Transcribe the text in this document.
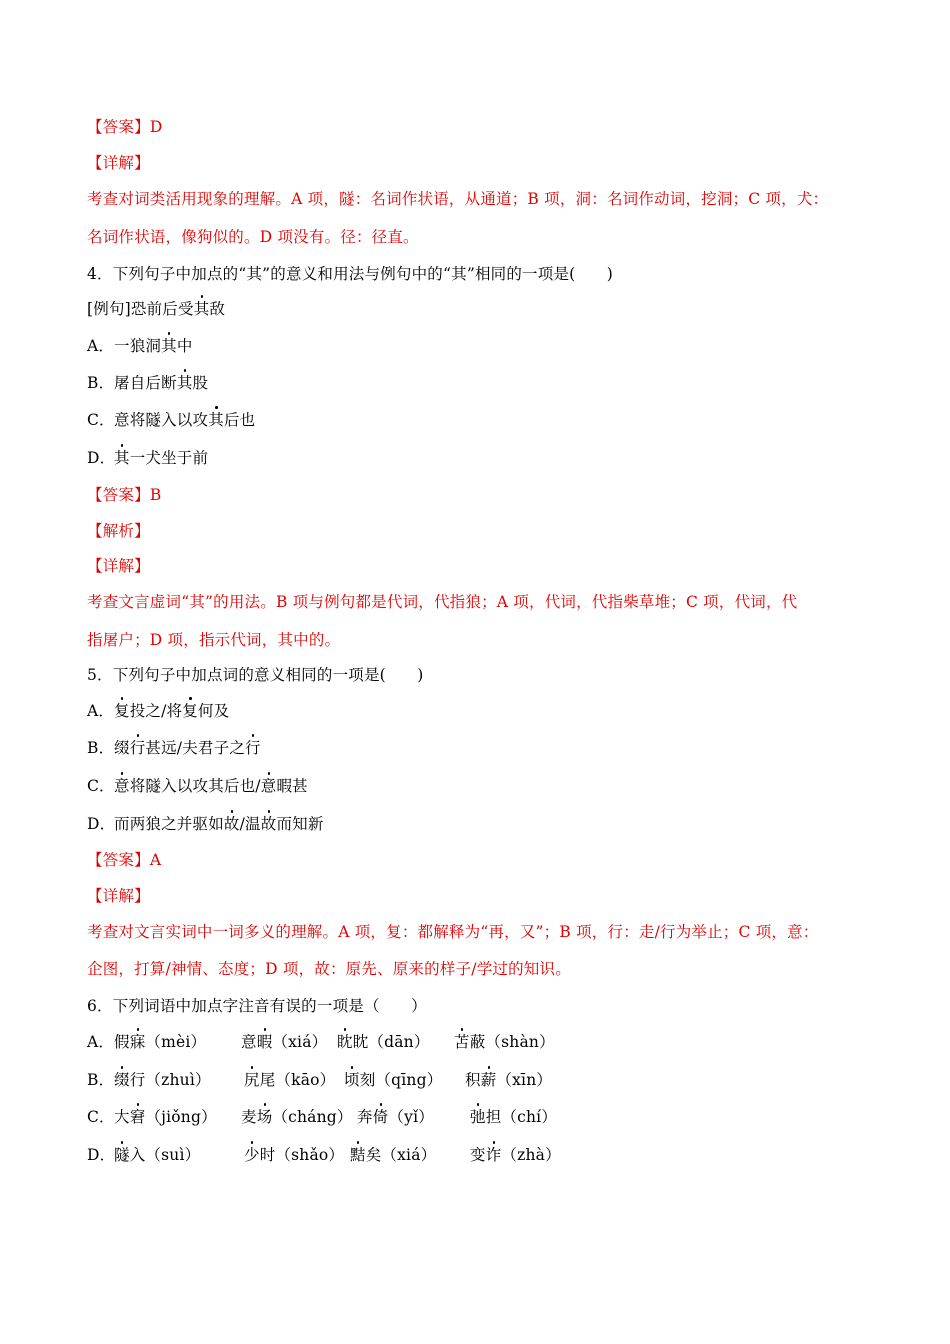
【答案】D
【详解】
考查对词类活用现象的理解。A 项，隧：名词作状语，从通道；B 项，洞：名词作动词，挖洞；C 项，犬：
名词作状语，像狗似的。D 项没有。径：径直。
4．下列句子中加点的“其”的意义和用法与例句中的“其”相同的一项是(　　)
[例句]恐前后受其敌
A．一狼洞其中
B．屠自后断其股
C．意将隧入以攻其后也
D．其一犬坐于前
【答案】B
【解析】
【详解】
考查文言虚词“其”的用法。B 项与例句都是代词，代指狼；A 项，代词，代指柴草堆；C 项，代词，代
指屠户；D 项，指示代词，其中的。
5．下列句子中加点词的意义相同的一项是(　　)
A．复投之/将复何及
B．缀行甚远/夫君子之行
C．意将隧入以攻其后也/意暇甚
D．而两狼之并驱如故/温故而知新
【答案】A
【详解】
考查对文言实词中一词多义的理解。A 项，复：都解释为“再，又”；B 项，行：走/行为举止；C 项，意：
企图，打算/神情、态度；D 项，故：原先、原来的样子/学过的知识。
6．下列词语中加点字注音有误的一项是（　　）
A． 假寐（mèi） 意暇（xiá） 眈眈（dān） 苫蔽（shàn）
B． 缀行（zhuì） 尻尾（kāo） 顷刻（qīng） 积薪（xīn）
C． 大窘（jiǒng） 麦场（cháng） 奔倚（yǐ） 弛担（chí）
D．
隧入（suì）	少时（shǎo） 黠矣（xiá） 变诈（zhà）
